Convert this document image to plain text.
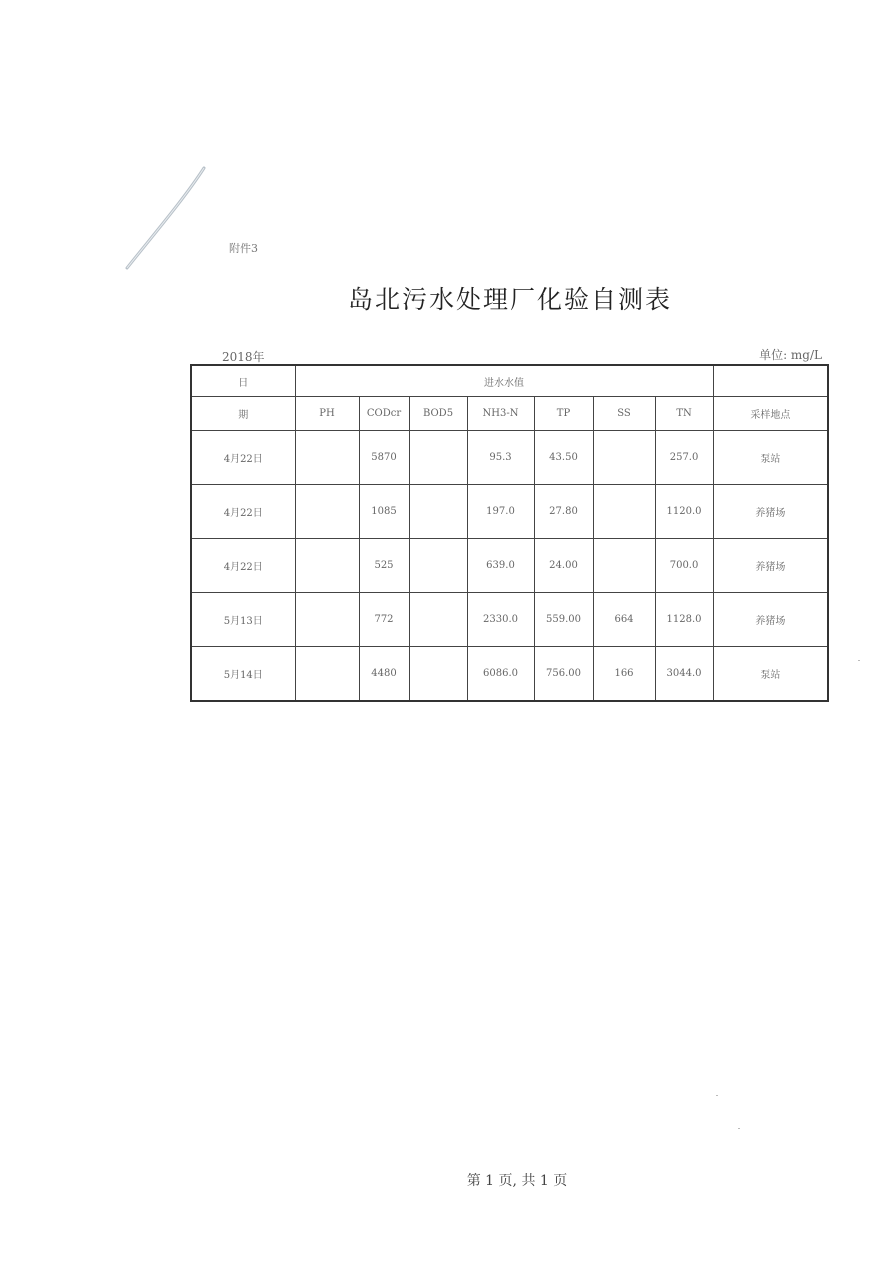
附件3
岛北污水处理厂化验自测表
2018年	单位: mg/L
日	进水水值							
期	PH	CODcr	BOD5	NH3-N	TP	SS	TN	采样地点
4月22日		5870		95.3	43.50		257.0	泵站
4月22日		1085		197.0	27.80		1120.0	养猪场
4月22日		525		639.0	24.00		700.0	养猪场
5月13日		772		2330.0	559.00	664	1128.0	养猪场
5月14日		4480		6086.0	756.00	166	3044.0	泵站
第 1 页, 共 1 页
